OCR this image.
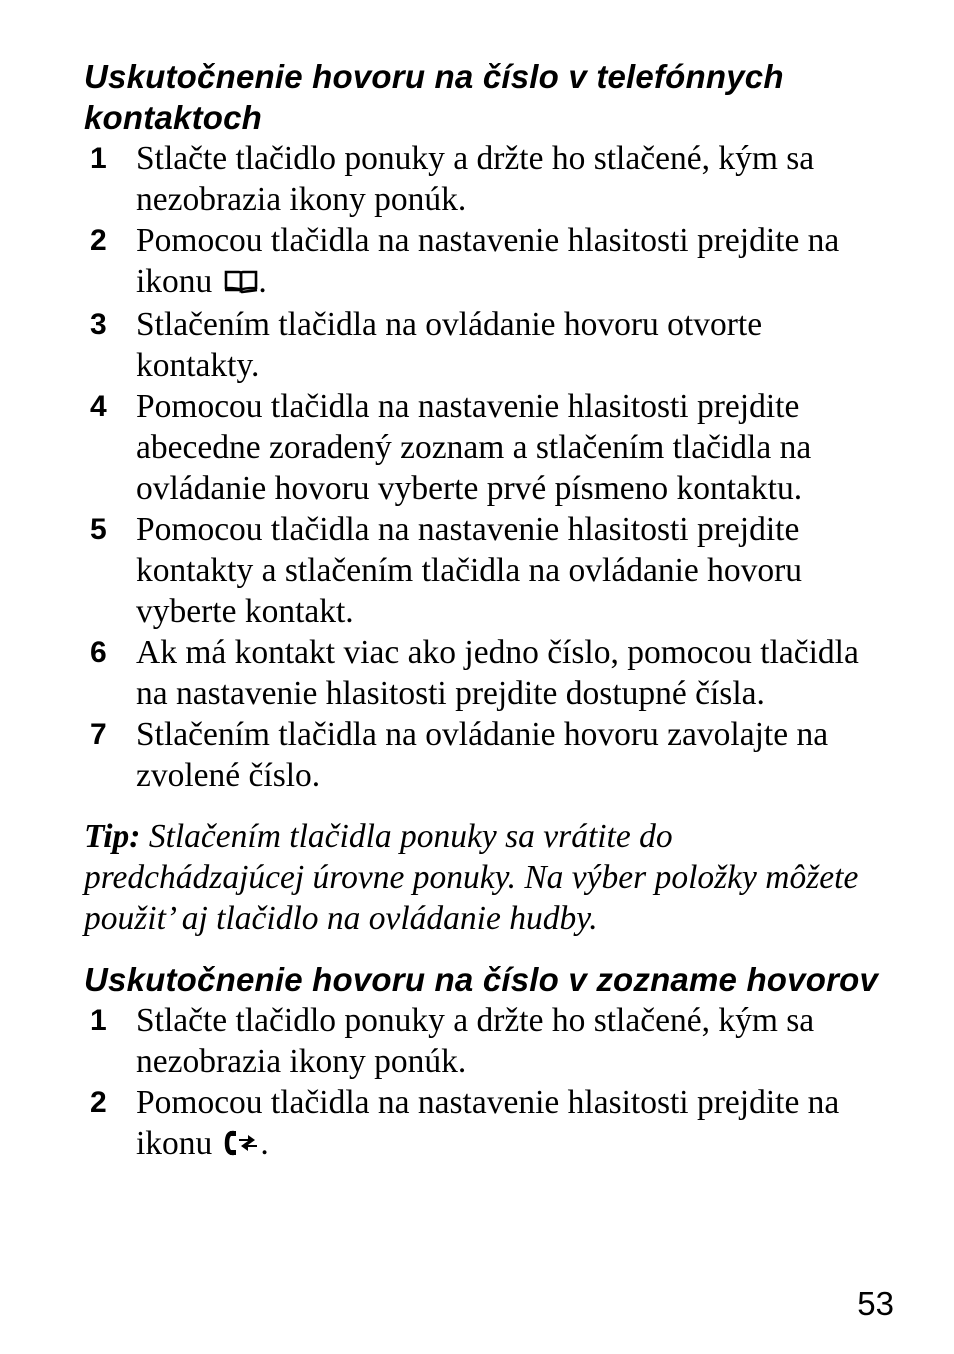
Uskutočnenie hovoru na číslo v telefónnych kontaktoch
1 Stlačte tlačidlo ponuky a držte ho stlačené, kým sa nezobrazia ikony ponúk.
2 Pomocou tlačidla na nastavenie hlasitosti prejdite na ikonu .
3 Stlačením tlačidla na ovládanie hovoru otvorte kontakty.
4 Pomocou tlačidla na nastavenie hlasitosti prejdite abecedne zoradený zoznam a stlačením tlačidla na ovládanie hovoru vyberte prvé písmeno kontaktu.
5 Pomocou tlačidla na nastavenie hlasitosti prejdite kontakty a stlačením tlačidla na ovládanie hovoru vyberte kontakt.
6 Ak má kontakt viac ako jedno číslo, pomocou tlačidla na nastavenie hlasitosti prejdite dostupné čísla.
7 Stlačením tlačidla na ovládanie hovoru zavolajte na zvolené číslo.

Tip: Stlačením tlačidla ponuky sa vrátite do predchádzajúcej úrovne ponuky. Na výber položky môžete použit’ aj tlačidlo na ovládanie hudby.

Uskutočnenie hovoru na číslo v zozname hovorov
1 Stlačte tlačidlo ponuky a držte ho stlačené, kým sa nezobrazia ikony ponúk.
2 Pomocou tlačidla na nastavenie hlasitosti prejdite na ikonu .
53
